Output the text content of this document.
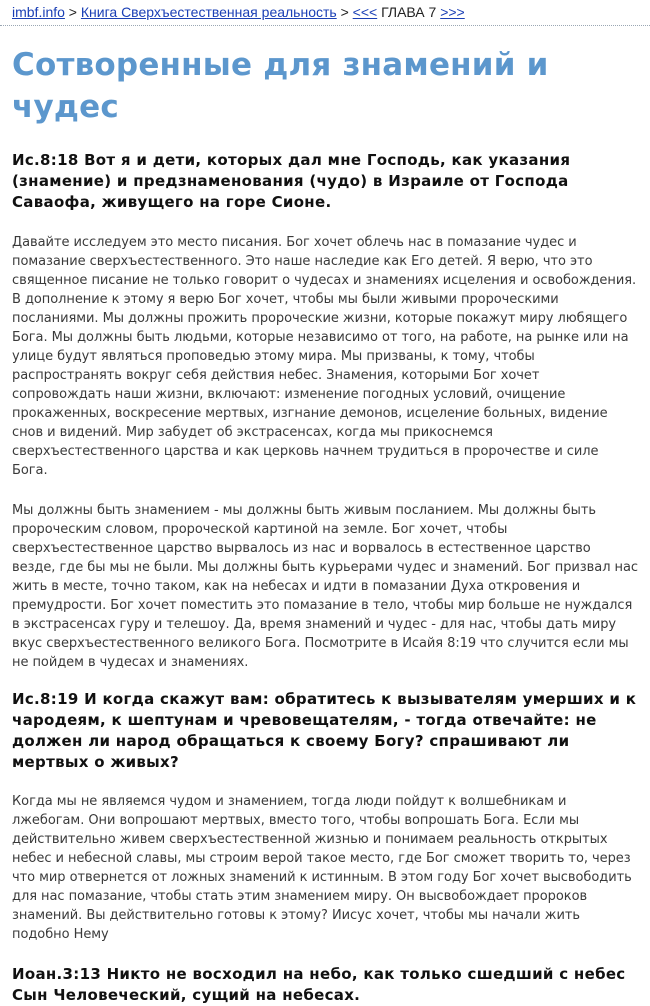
imbf.info > Книга Сверхъестественная реальность > <<< ГЛАВА 7 >>>
Сотворенные для знамений и чудес

Ис.8:18 Вот я и дети, которых дал мне Господь, как указания (знамение) и предзнаменования (чудо) в Израиле от Господа Саваофа, живущего на горе Сионе.

Давайте исследуем это место писания. Бог хочет облечь нас в помазание чудес и помазание сверхъестественного. Это наше наследие как Его детей. Я верю, что это священное писание не только говорит о чудесах и знамениях исцеления и освобождения. В дополнение к этому я верю Бог хочет, чтобы мы были живыми пророческими посланиями. Мы должны прожить пророческие жизни, которые покажут миру любящего Бога. Мы должны быть людьми, которые независимо от того, на работе, на рынке или на улице будут являться проповедью этому мира. Мы призваны, к тому, чтобы распространять вокруг себя действия небес. Знамения, которыми Бог хочет сопровождать наши жизни, включают: изменение погодных условий, очищение прокаженных, воскресение мертвых, изгнание демонов, исцеление больных, видение снов и видений. Мир забудет об экстрасенсах, когда мы прикоснемся сверхъестественного царства и как церковь начнем трудиться в пророчестве и силе Бога.

Мы должны быть знамением - мы должны быть живым посланием. Мы должны быть пророческим словом, пророческой картиной на земле. Бог хочет, чтобы сверхъестественное царство вырвалось из нас и ворвалось в естественное царство везде, где бы мы не были. Мы должны быть курьерами чудес и знамений. Бог призвал нас жить в месте, точно таком, как на небесах и идти в помазании Духа откровения и премудрости. Бог хочет поместить это помазание в тело, чтобы мир больше не нуждался в экстрасенсах гуру и телешоу. Да, время знамений и чудес - для нас, чтобы дать миру вкус сверхъестественного великого Бога. Посмотрите в Исайя 8:19 что случится если мы не пойдем в чудесах и знамениях.

Ис.8:19 И когда скажут вам: обратитесь к вызывателям умерших и к чародеям, к шептунам и чревовещателям, - тогда отвечайте: не должен ли народ обращаться к своему Богу? спрашивают ли мертвых о живых?

Когда мы не являемся чудом и знамением, тогда люди пойдут к волшебникам и лжебогам. Они вопрошают мертвых, вместо того, чтобы вопрошать Бога. Если мы действительно живем сверхъестественной жизнью и понимаем реальность открытых небес и небесной славы, мы строим верой такое место, где Бог сможет творить то, через что мир отвернется от ложных знамений к истинным. В этом году Бог хочет высвободить для нас помазание, чтобы стать этим знамением миру. Он высвобождает пророков знамений. Вы действительно готовы к этому? Иисус хочет, чтобы мы начали жить подобно Нему

Иоан.3:13 Никто не восходил на небо, как только сшедший с небес Сын Человеческий, сущий на небесах.
